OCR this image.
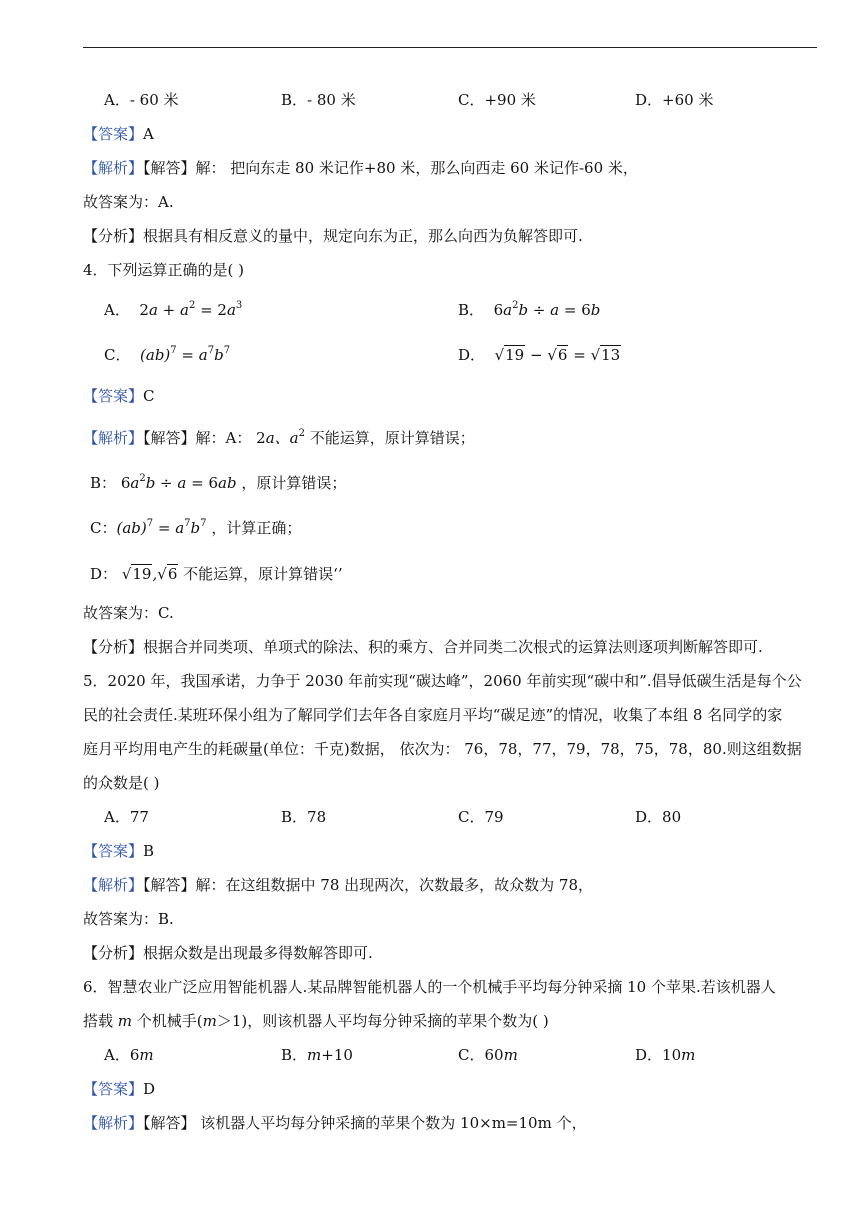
A．- 60 米	B．- 80 米	C．+90 米	D．+60 米
【答案】A
【解析】【解答】解： 把向东走 80 米记作+80 米，那么向西走 60 米记作-60 米，
故答案为：A.
【分析】根据具有相反意义的量中，规定向东为正，那么向西为负解答即可.
4．下列运算正确的是( )
A． $2a + a^2 = 2a^3$	B． $6a^2b \div a = 6b$
C． $(ab)^7 = a^7b^7$	D． √19 − √6 = √13
【答案】C
【解析】【解答】解：A： 2a、$a^2$ 不能运算，原计算错误；
B： $6a^2b \div a = 6ab$ ，原计算错误；
C：$(ab)^7 = a^7b^7$ ，计算正确；
D： √19,√6 不能运算，原计算错误‘’
故答案为：C.
【分析】根据合并同类项、单项式的除法、积的乘方、合并同类二次根式的运算法则逐项判断解答即可.
5．2020 年，我国承诺，力争于 2030 年前实现“碳达峰”，2060 年前实现“碳中和”.倡导低碳生活是每个公
民的社会责任.某班环保小组为了解同学们去年各自家庭月平均“碳足迹”的情况，收集了本组 8 名同学的家
庭月平均用电产生的耗碳量(单位：千克)数据， 依次为： 76，78，77，79，78，75，78，80.则这组数据
的众数是( )
A．77	B．78	C．79	D．80
【答案】B
【解析】【解答】解：在这组数据中 78 出现两次，次数最多，故众数为 78，
故答案为：B.
【分析】根据众数是出现最多得数解答即可.
6．智慧农业广泛应用智能机器人.某品牌智能机器人的一个机械手平均每分钟采摘 10 个苹果.若该机器人
搭载 m 个机械手(m＞1)，则该机器人平均每分钟采摘的苹果个数为( )
A．6m	B．m+10	C．60m	D．10m
【答案】D
【解析】【解答】 该机器人平均每分钟采摘的苹果个数为 10×m=10m 个，
